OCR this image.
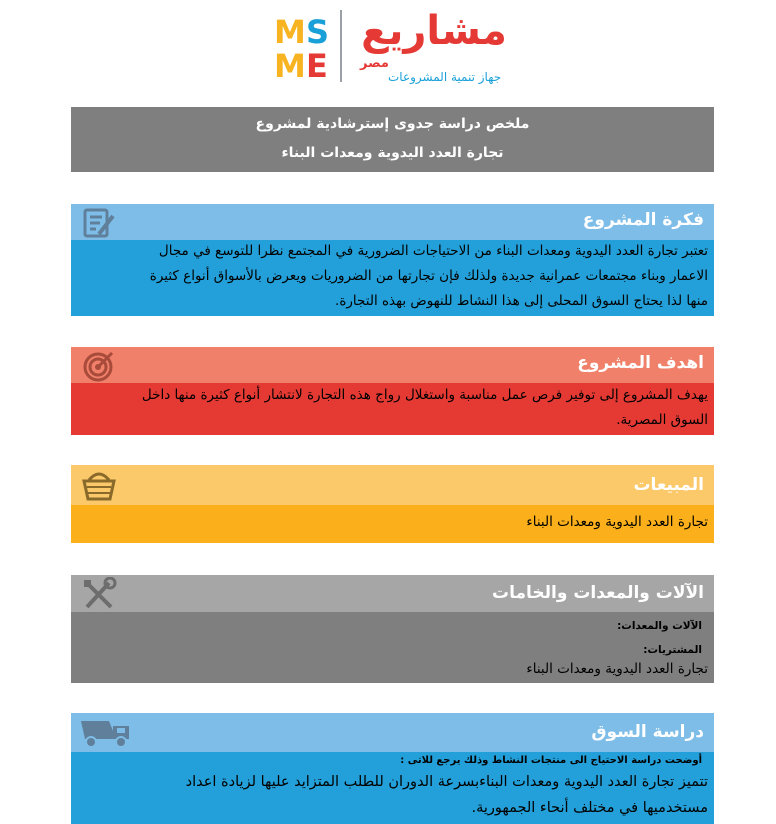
M S
M E
مشاريع
مصر
جهاز تنمية المشروعات
ملخص دراسة جدوى إسترشادية لمشروع
تجارة العدد اليدوية ومعدات البناء
فكرة المشروع
تعتبر تجارة العدد اليدوية ومعدات البناء من الاحتياجات الضرورية في المجتمع نظرا للتوسع في مجال
الاعمار وبناء مجتمعات عمرانية جديدة ولذلك فإن تجارتها من الضروريات ويعرض بالأسواق أنواع كثيرة
منها لذا يحتاج السوق المحلى إلى هذا النشاط للنهوض بهذه التجارة.
اهدف المشروع
يهدف المشروع إلى توفير فرص عمل مناسبة واستغلال رواج هذه التجارة لانتشار أنواع كثيرة منها داخل
السوق المصرية.
المبيعات
تجارة العدد اليدوية ومعدات البناء
الآلات والمعدات والخامات
الآلات والمعدات:
المشتريات:
تجارة العدد اليدوية ومعدات البناء
دراسة السوق
أوضحت دراسة الاحتياج الى منتجات النشاط وذلك يرجع للاتى :
تتميز تجارة العدد اليدوية ومعدات البناءبسرعة الدوران للطلب المتزايد عليها لزيادة اعداد
مستخدميها في مختلف أنحاء الجمهورية.
